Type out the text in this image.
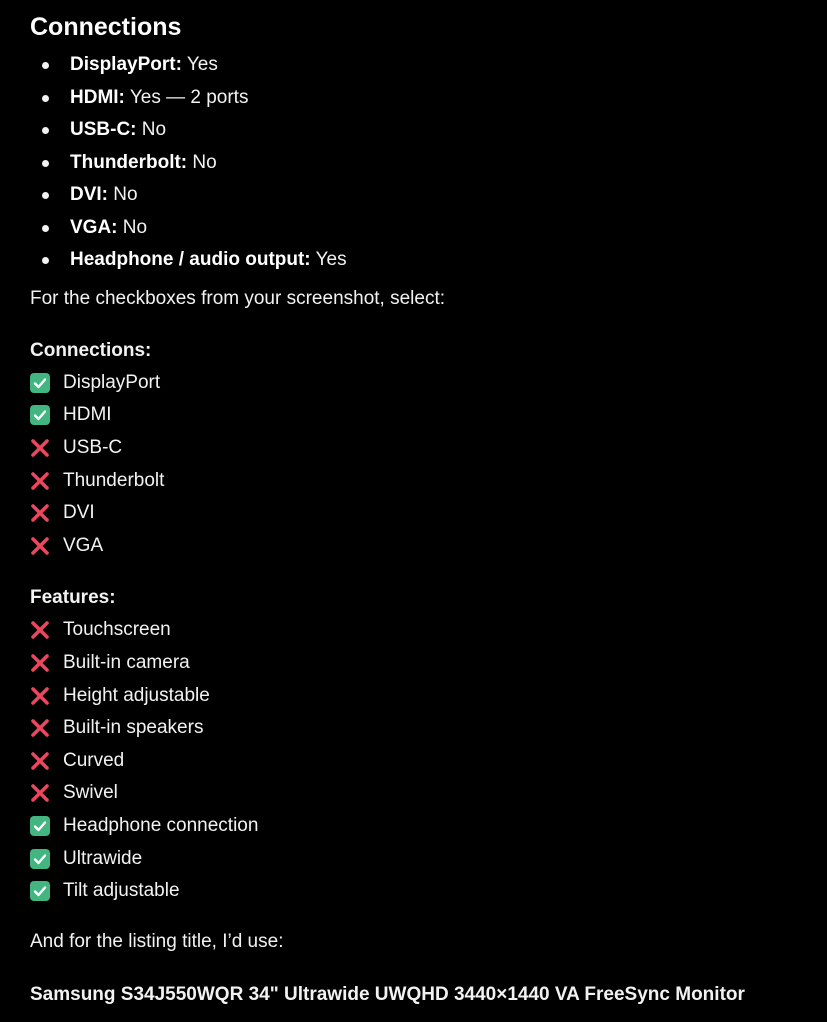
Connections
DisplayPort: Yes
HDMI: Yes — 2 ports
USB-C: No
Thunderbolt: No
DVI: No
VGA: No
Headphone / audio output: Yes

For the checkboxes from your screenshot, select:

Connections:

DisplayPort
HDMI
USB-C
Thunderbolt
DVI
VGA

Features:

Touchscreen
Built-in camera
Height adjustable
Built-in speakers
Curved
Swivel
Headphone connection
Ultrawide
Tilt adjustable

And for the listing title, I’d use:

Samsung S34J550WQR 34" Ultrawide UWQHD 3440×1440 VA FreeSync Monitor
